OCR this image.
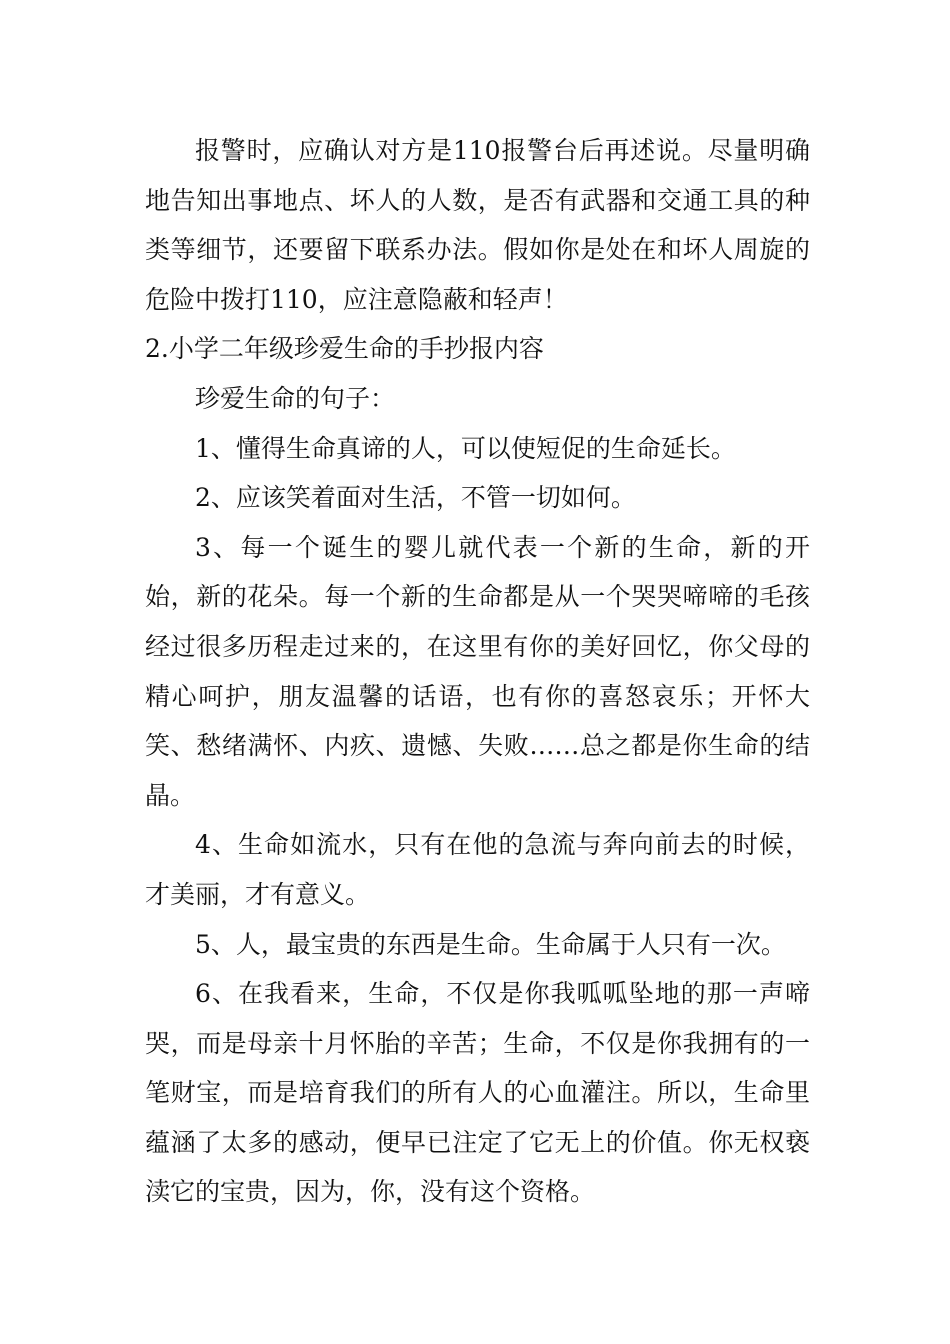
报警时，应确认对方是110报警台后再述说。尽量明确地告知出事地点、坏人的人数，是否有武器和交通工具的种类等细节，还要留下联系办法。假如你是处在和坏人周旋的危险中拨打110，应注意隐蔽和轻声！

2.小学二年级珍爱生命的手抄报内容

珍爱生命的句子：

1、懂得生命真谛的人，可以使短促的生命延长。

2、应该笑着面对生活，不管一切如何。

3、每一个诞生的婴儿就代表一个新的生命，新的开始，新的花朵。每一个新的生命都是从一个哭哭啼啼的毛孩经过很多历程走过来的，在这里有你的美好回忆，你父母的精心呵护，朋友温馨的话语，也有你的喜怒哀乐；开怀大笑、愁绪满怀、内疚、遗憾、失败……总之都是你生命的结晶。

4、生命如流水，只有在他的急流与奔向前去的时候，才美丽，才有意义。

5、人，最宝贵的东西是生命。生命属于人只有一次。

6、在我看来，生命，不仅是你我呱呱坠地的那一声啼哭，而是母亲十月怀胎的辛苦；生命，不仅是你我拥有的一笔财宝，而是培育我们的所有人的心血灌注。所以，生命里蕴涵了太多的感动，便早已注定了它无上的价值。你无权亵渎它的宝贵，因为，你，没有这个资格。
